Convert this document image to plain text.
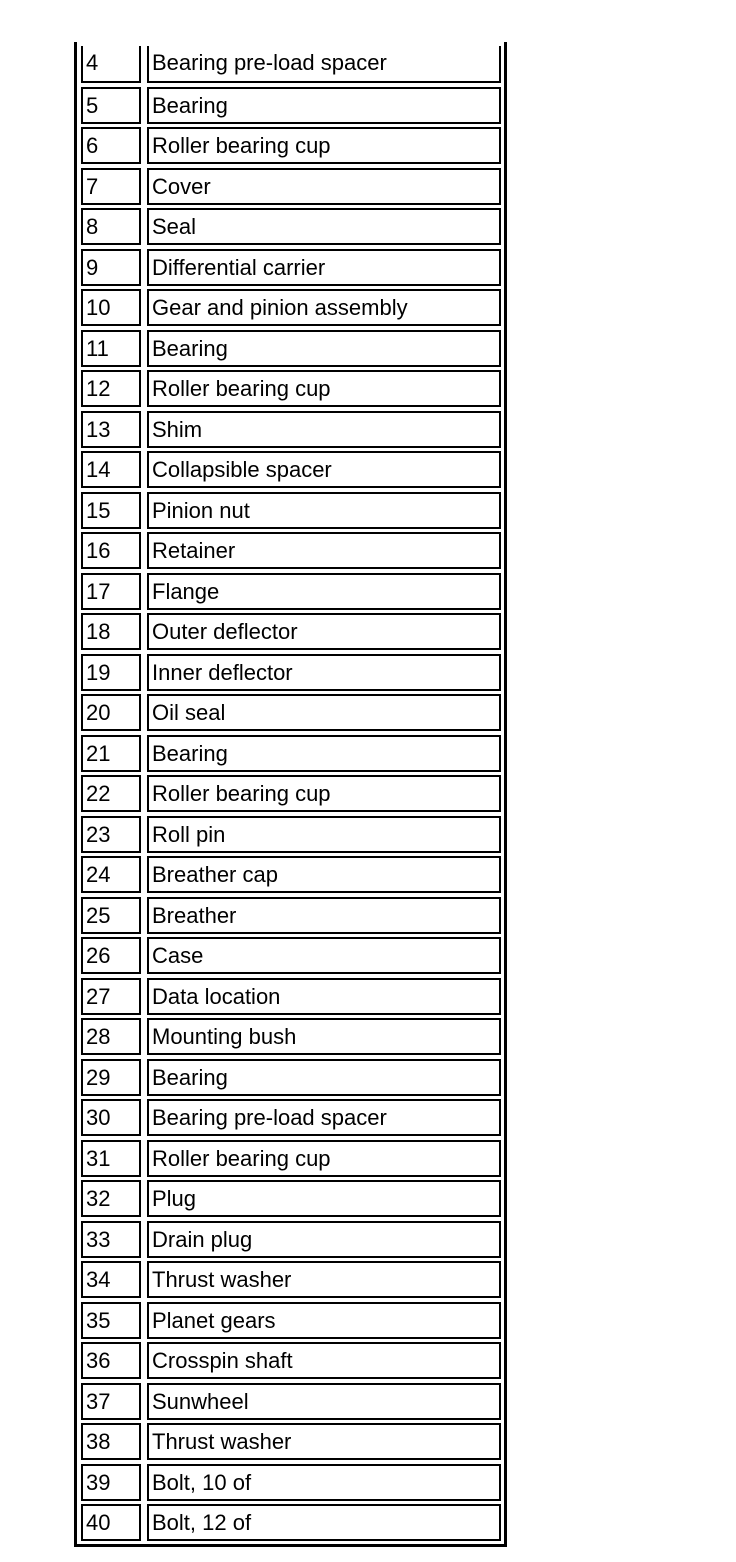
4	Bearing pre-load spacer
5	Bearing
6	Roller bearing cup
7	Cover
8	Seal
9	Differential carrier
10	Gear and pinion assembly
11	Bearing
12	Roller bearing cup
13	Shim
14	Collapsible spacer
15	Pinion nut
16	Retainer
17	Flange
18	Outer deflector
19	Inner deflector
20	Oil seal
21	Bearing
22	Roller bearing cup
23	Roll pin
24	Breather cap
25	Breather
26	Case
27	Data location
28	Mounting bush
29	Bearing
30	Bearing pre-load spacer
31	Roller bearing cup
32	Plug
33	Drain plug
34	Thrust washer
35	Planet gears
36	Crosspin shaft
37	Sunwheel
38	Thrust washer
39	Bolt, 10 of
40	Bolt, 12 of
